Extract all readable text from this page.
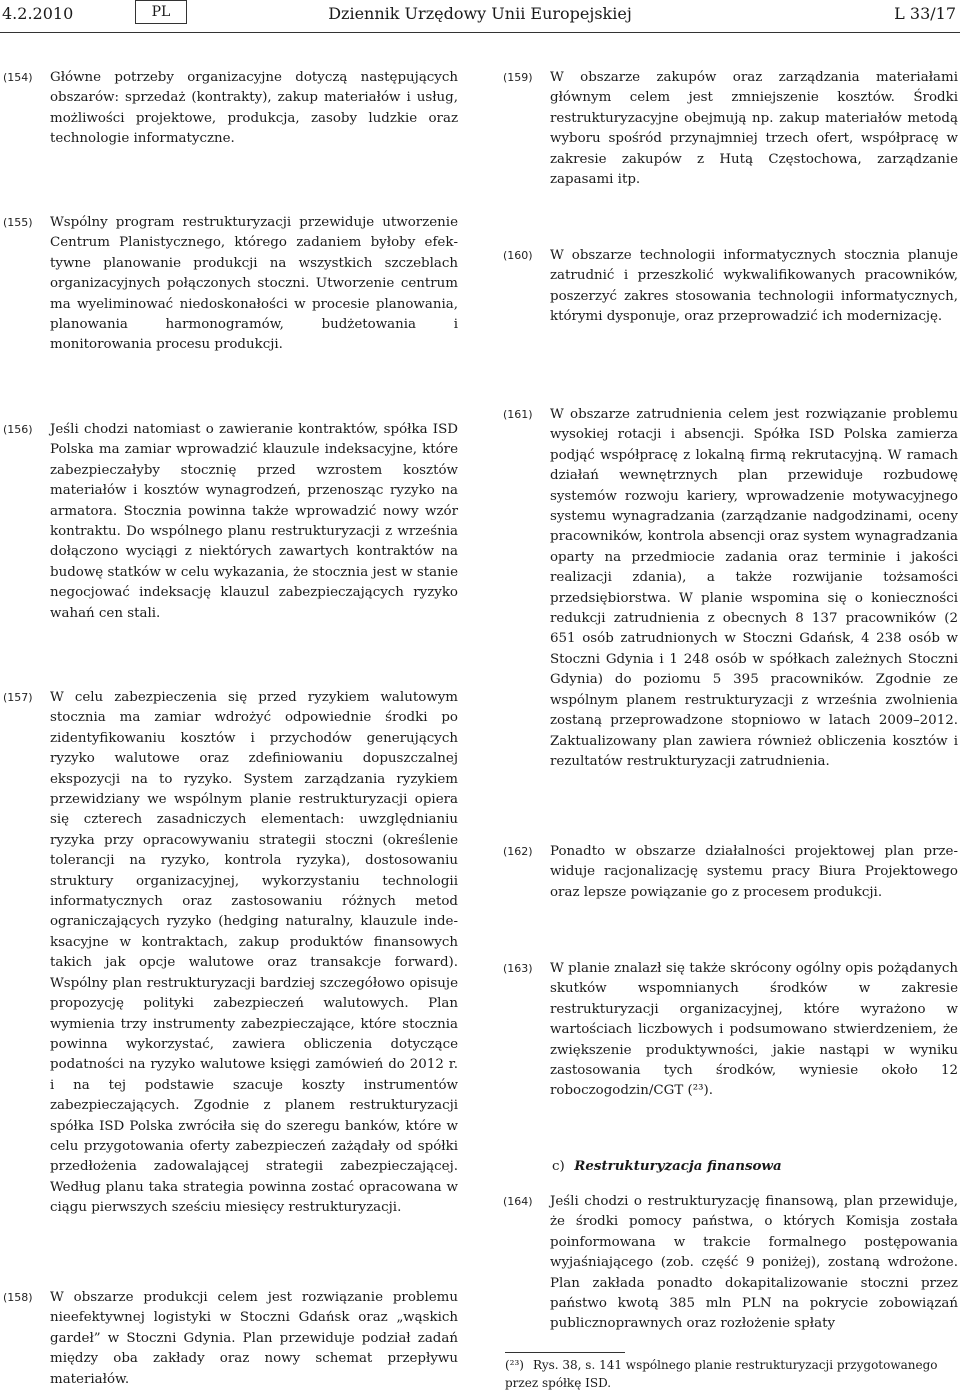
4.2.2010	PL	Dziennik Urzędowy Unii Europejskiej	L 33/17
(154) Główne potrzeby organizacyjne dotyczą następujących obszarów: sprzedaż (kontrakty), zakup materiałów i usług, możliwości projektowe, produkcja, zasoby ludzkie oraz technologie informatyczne.
(155) Wspólny program restrukturyzacji przewiduje utworzenie Centrum Planistycznego, którego zadaniem byłoby efektywne planowanie produkcji na wszystkich szczeblach organizacyjnych połączonych stoczni. Utworzenie centrum ma wyeliminować niedoskonałości w procesie planowania, planowania harmonogramów, budżetowania i monitorowania procesu produkcji.
(156) Jeśli chodzi natomiast o zawieranie kontraktów, spółka ISD Polska ma zamiar wprowadzić klauzule indeksacyjne, które zabezpieczałyby stocznię przed wzrostem kosztów materiałów i kosztów wynagrodzeń, przenosząc ryzyko na armatora. Stocznia powinna także wprowadzić nowy wzór kontraktu. Do wspólnego planu restrukturyzacji z września dołączono wyciągi z niektórych zawartych kontraktów na budowę statków w celu wykazania, że stocznia jest w stanie negocjować indeksację klauzul zabezpieczających ryzyko wahań cen stali.
(157) W celu zabezpieczenia się przed ryzykiem walutowym stocznia ma zamiar wdrożyć odpowiednie środki po zidentyfikowaniu kosztów i przychodów generujących ryzyko walutowe oraz zdefiniowaniu dopuszczalnej ekspozycji na to ryzyko. System zarządzania ryzykiem przewidziany we wspólnym planie restrukturyzacji opiera się czterech zasadniczych elementach: uwzględnianiu ryzyka przy opracowywaniu strategii stoczni (określenie tolerancji na ryzyko, kontrola ryzyka), dostosowaniu struktury organizacyjnej, wykorzystaniu technologii informatycznych oraz zastosowaniu różnych metod ograniczających ryzyko (hedging naturalny, klauzule indeksacyjne w kontraktach, zakup produktów finansowych takich jak opcje walutowe oraz transakcje forward). Wspólny plan restrukturyzacji bardziej szczegółowo opisuje propozycję polityki zabezpieczeń walutowych. Plan wymienia trzy instrumenty zabezpieczające, które stocznia powinna wykorzystać, zawiera obliczenia dotyczące podatności na ryzyko walutowe księgi zamówień do 2012 r. i na tej podstawie szacuje koszty instrumentów zabezpieczających. Zgodnie z planem restrukturyzacji spółka ISD Polska zwróciła się do szeregu banków, które w celu przygotowania oferty zabezpieczeń zażądały od spółki przedłożenia zadowalającej strategii zabezpieczającej. Według planu taka strategia powinna zostać opracowana w ciągu pierwszych sześciu miesięcy restrukturyzacji.
(158) W obszarze produkcji celem jest rozwiązanie problemu nieefektywnej logistyki w Stoczni Gdańsk oraz „wąskich gardeł” w Stoczni Gdynia. Plan przewiduje podział zadań między oba zakłady oraz nowy schemat przepływu materiałów.
(159) W obszarze zakupów oraz zarządzania materiałami głównym celem jest zmniejszenie kosztów. Środki restrukturyzacyjne obejmują np. zakup materiałów metodą wyboru spośród przynajmniej trzech ofert, współpracę w zakresie zakupów z Hutą Częstochowa, zarządzanie zapasami itp.
(160) W obszarze technologii informatycznych stocznia planuje zatrudnić i przeszkolić wykwalifikowanych pracowników, poszerzyć zakres stosowania technologii informatycznych, którymi dysponuje, oraz przeprowadzić ich modernizację.
(161) W obszarze zatrudnienia celem jest rozwiązanie problemu wysokiej rotacji i absencji. Spółka ISD Polska zamierza podjąć współpracę z lokalną firmą rekrutacyjną. W ramach działań wewnętrznych plan przewiduje rozbudowę systemów rozwoju kariery, wprowadzenie motywacyjnego systemu wynagradzania (zarządzanie nadgodzinami, oceny pracowników, kontrola absencji oraz system wynagradzania oparty na przedmiocie zadania oraz terminie i jakości realizacji zdania), a także rozwijanie tożsamości przedsiębiorstwa. W planie wspomina się o konieczności redukcji zatrudnienia z obecnych 8 137 pracowników (2 651 osób zatrudnionych w Stoczni Gdańsk, 4 238 osób w Stoczni Gdynia i 1 248 osób w spółkach zależnych Stoczni Gdynia) do poziomu 5 395 pracowników. Zgodnie ze wspólnym planem restrukturyzacji z września zwolnienia zostaną przeprowadzone stopniowo w latach 2009–2012. Zaktualizowany plan zawiera również obliczenia kosztów i rezultatów restrukturyzacji zatrudnienia.
(162) Ponadto w obszarze działalności projektowej plan przewiduje racjonalizację systemu pracy Biura Projektowego oraz lepsze powiązanie go z procesem produkcji.
(163) W planie znalazł się także skrócony ogólny opis pożądanych skutków wspomnianych środków w zakresie restrukturyzacji organizacyjnej, które wyrażono w wartościach liczbowych i podsumowano stwierdzeniem, że zwiększenie produktywności, jakie nastąpi w wyniku zastosowania tych środków, wyniesie około 12 roboczogodzin/CGT (²³).
c) Restrukturyzacja finansowa
(164) Jeśli chodzi o restrukturyzację finansową, plan przewiduje, że środki pomocy państwa, o których Komisja została poinformowana w trakcie formalnego postępowania wyjaśniającego (zob. część 9 poniżej), zostaną wdrożone. Plan zakłada ponadto dokapitalizowanie stoczni przez państwo kwotą 385 mln PLN na pokrycie zobowiązań publicznoprawnych oraz rozłożenie spłaty
(²³) Rys. 38, s. 141 wspólnego planie restrukturyzacji przygotowanego przez spółkę ISD.
